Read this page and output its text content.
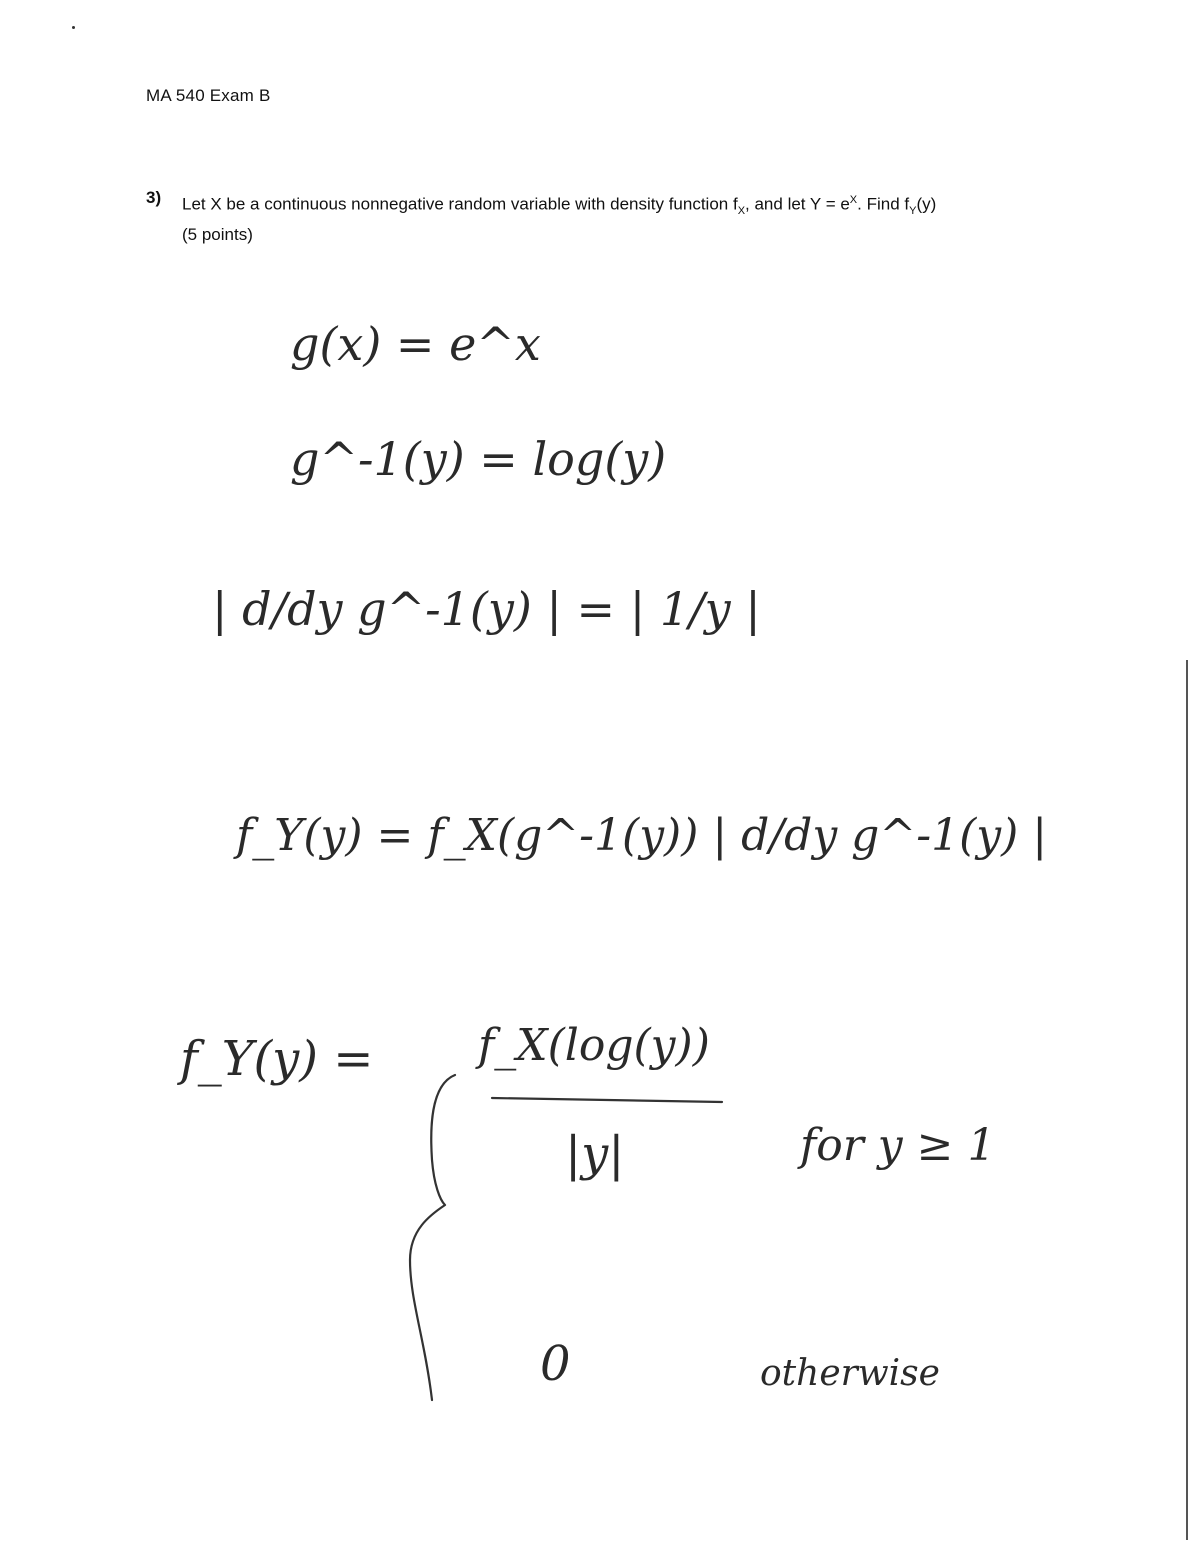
MA 540 Exam B
3) Let X be a continuous nonnegative random variable with density function $f_X$, and let $Y = e^X$. Find $f_Y(y)$
(5 points)
g(x) = e^x
g^-1(y) = log(y)
| d/dy g^-1(y) | = | 1/y |
f_Y(y) = f_X(g^-1(y)) | d/dy g^-1(y) |
f_Y(y) = f_X(log(y))
|y|	for y ≥ 1
0	otherwise
